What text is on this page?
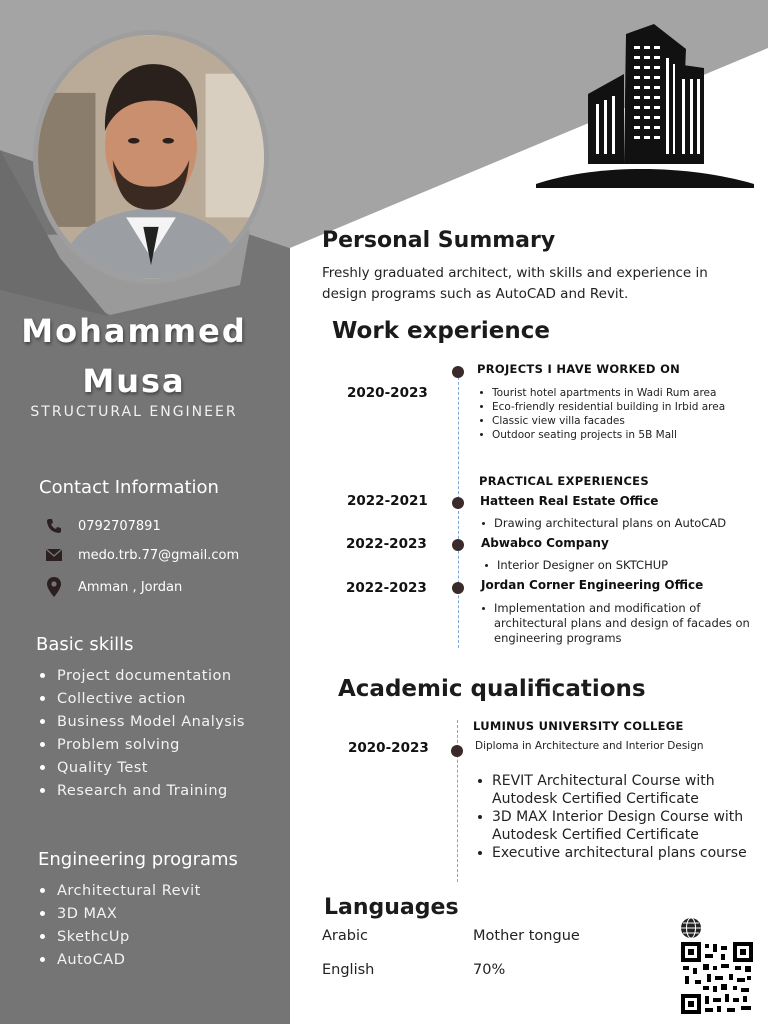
Mohammed
Musa
STRUCTURAL ENGINEER
Contact Information
0792707891
medo.trb.77@gmail.com
Amman , Jordan
Basic skills
Project documentation
Collective action
Business Model Analysis
Problem solving
Quality Test
Research and Training
Engineering programs
Architectural Revit
3D MAX
SkethcUp
AutoCAD
Personal Summary
Freshly graduated architect, with skills and experience in design programs such as AutoCAD and Revit.
Work experience
2020-2023
PROJECTS I HAVE WORKED ON
Tourist hotel apartments in Wadi Rum area
Eco-friendly residential building in Irbid area
Classic view villa facades
Outdoor seating projects in 5B Mall
PRACTICAL EXPERIENCES
2022-2021	Hatteen Real Estate Office
Drawing architectural plans on AutoCAD
2022-2023	Abwabco Company
Interior Designer on SKTCHUP
2022-2023	Jordan Corner Engineering Office
Implementation and modification of architectural plans and design of facades on engineering programs
Academic qualifications
2020-2023
LUMINUS UNIVERSITY COLLEGE
Diploma in Architecture and Interior Design
REVIT Architectural Course with Autodesk Certified Certificate
3D MAX Interior Design Course with Autodesk Certified Certificate
Executive architectural plans course
Languages
Arabic	Mother tongue
English	70%
